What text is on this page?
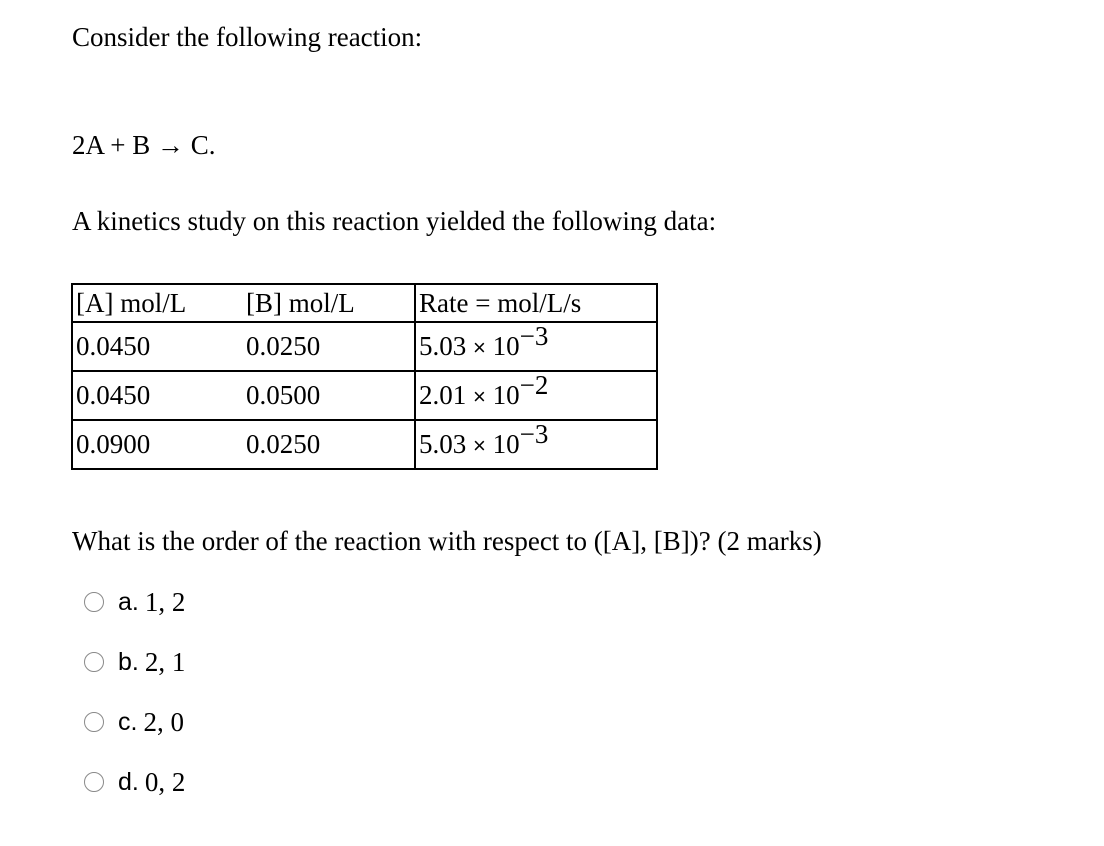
Consider the following reaction:
2A + B → C.
A kinetics study on this reaction yielded the following data:
[A] mol/L	[B] mol/L	Rate = mol/L/s
0.0450	0.0250	$5.03 \times 10^{-3}$
0.0450	0.0500	$2.01 \times 10^{-2}$
0.0900	0.0250	$5.03 \times 10^{-3}$
What is the order of the reaction with respect to ([A], [B])? (2 marks)
a. 1, 2
b. 2, 1
c. 2, 0
d. 0, 2
